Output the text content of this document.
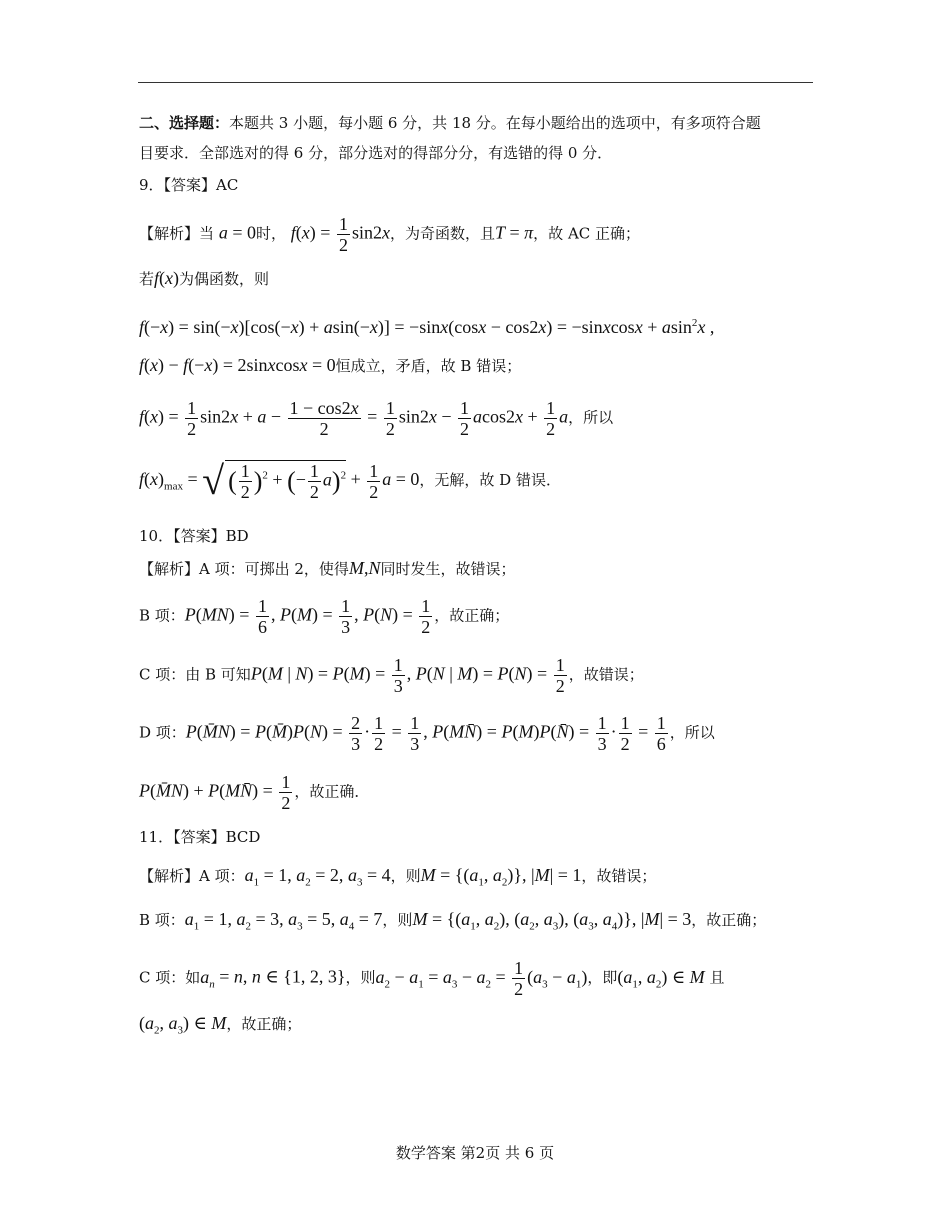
二、选择题：本题共 3 小题，每小题 6 分，共 18 分。在每小题给出的选项中，有多项符合题
目要求．全部选对的得 6 分，部分选对的得部分分，有选错的得 0 分．
9．【答案】AC
【解析】当 a = 0时， $f(x) = \frac{1}{2} \sin 2x$，为奇函数，且T = π，故 AC 正确；
若f(x)为偶函数，则
f(−x) = sin(−x)[cos(−x) + asin(−x)] = −sinx(cosx − cos2x) = −sinxcosx + asin$^2$x ,
f(x) − f(−x) = 2sinxcosx = 0恒成立，矛盾，故 B 错误；
$f(x) = \frac{1}{2} \sin 2x + a - \frac{1 - \cos 2x}{2} = \frac{1}{2} \sin 2x - \frac{1}{2} acos2x + \frac{1}{2}$ a，所以
$f(x)_{max}$ = √ ( $\frac{1}{2} )^2$ + (− $\frac{1}{2} a)^2 + \frac{1}{2}$ a = 0，无解，故 D 错误．
10．【答案】BD
【解析】A 项：可掷出 2，使得M,N同时发生，故错误；
B 项：$P(MN) = \frac{1}{6}$ , $P(M) = \frac{1}{3}$ , $P(N) = \frac{1}{2}$ ，故正确；
C 项：由 B 可知P(M | $N) = P(M) = \frac{1}{3}$ , P(N | $M) = P(N) = \frac{1}{2}$ ，故错误；
D 项：P(M̄N) = P(M̄)P(N) = $\frac{2}{3} \cdot \frac{1}{2} = \frac{1}{3}$ , P(MN̄) = P(M)P(N̄) = $\frac{1}{3} \cdot \frac{1}{2} = \frac{1}{6}$ ，所以
P(M̄N) + P(MN̄) = $\frac{1}{2}$ ，故正确．
11．【答案】BCD
【解析】A 项：$a_1 = 1$, $a_2 = 2$, $a_3 = 4$，则$M = \{(a_1$, $a_2$)}, |M| = 1，故错误；
B 项：$a_1 = 1$, $a_2 = 3$, $a_3 = 5$, $a_4 = 7$，则$M = \{(a_1$, $a_2$), ($a_2$, $a_3$), ($a_3$, $a_4$)}, |M| = 3，故正确；
C 项：如$a_n = n$, n ∈ {1, 2, 3}，则$a_2 - a_1 = a_3 - a_2 = \frac{1}{2} (a_3 - a_1)$，即($a_1$, $a_2$) ∈ M 且
($a_2$, $a_3$) ∈ M，故正确；
数学答案 第2页 共 6 页
